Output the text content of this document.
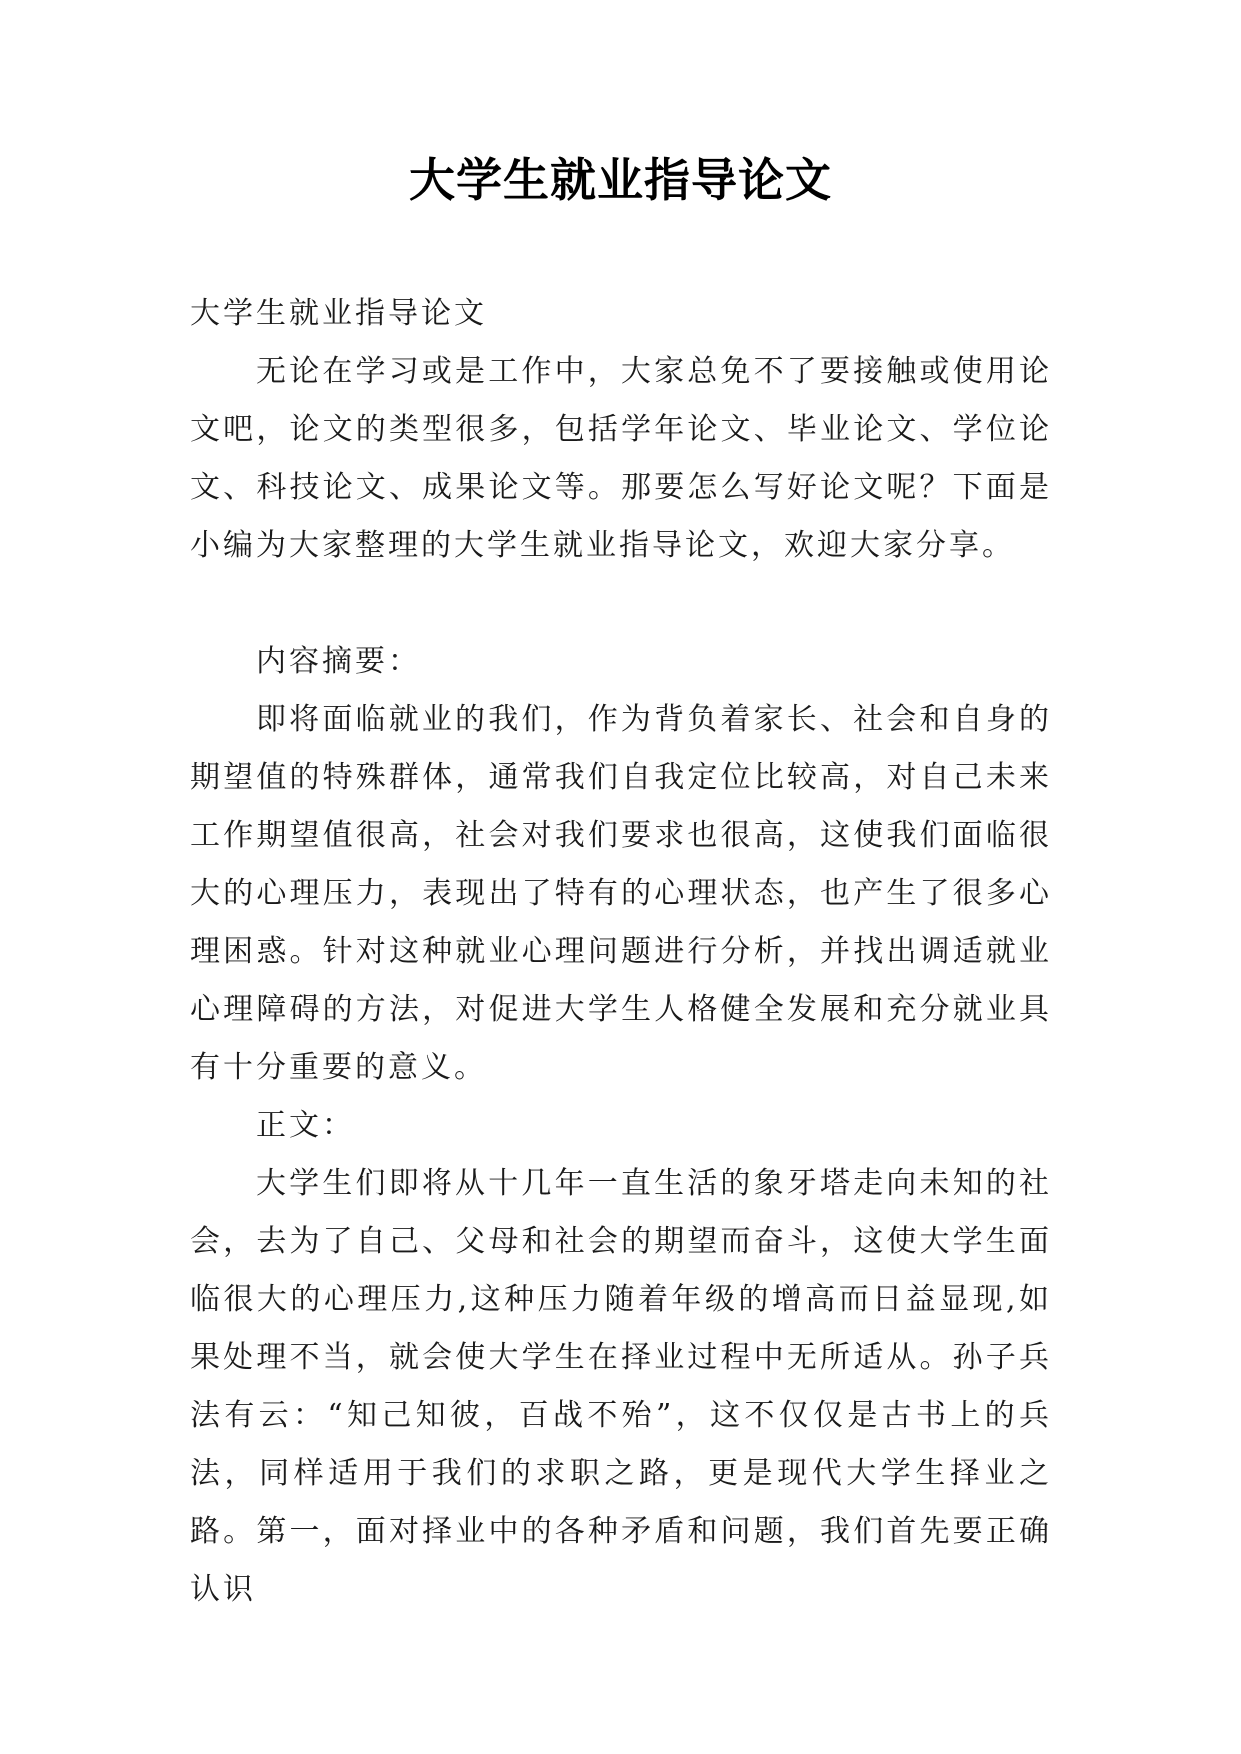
大学生就业指导论文

大学生就业指导论文

无论在学习或是工作中，大家总免不了要接触或使用论文吧，论文的类型很多，包括学年论文、毕业论文、学位论文、科技论文、成果论文等。那要怎么写好论文呢？下面是小编为大家整理的大学生就业指导论文，欢迎大家分享。

内容摘要：

即将面临就业的我们，作为背负着家长、社会和自身的期望值的特殊群体，通常我们自我定位比较高，对自己未来工作期望值很高，社会对我们要求也很高，这使我们面临很大的心理压力，表现出了特有的心理状态，也产生了很多心理困惑。针对这种就业心理问题进行分析，并找出调适就业心理障碍的方法，对促进大学生人格健全发展和充分就业具有十分重要的意义。

正文：

大学生们即将从十几年一直生活的象牙塔走向未知的社会，去为了自己、父母和社会的期望而奋斗，这使大学生面临很大的心理压力,这种压力随着年级的增高而日益显现,如果处理不当，就会使大学生在择业过程中无所适从。孙子兵法有云：“知己知彼，百战不殆”，这不仅仅是古书上的兵法，同样适用于我们的求职之路，更是现代大学生择业之路。第一，面对择业中的各种矛盾和问题，我们首先要正确认识
